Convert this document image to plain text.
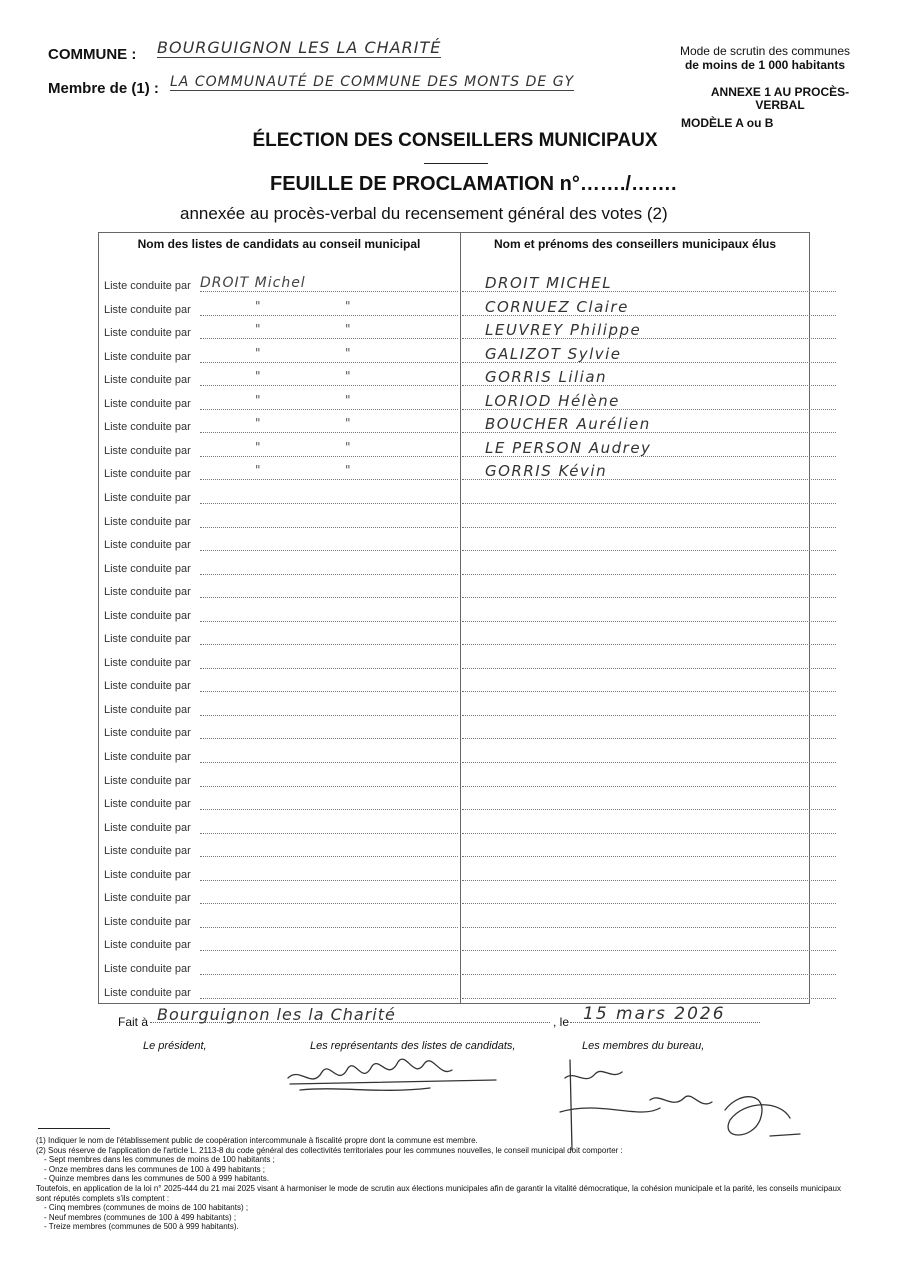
COMMUNE : BOURGUIGNON LES LA CHARITÉ
Membre de (1) : LA COMMUNAUTÉ DE COMMUNE DES MONTS DE GY
Mode de scrutin des communes
de moins de 1 000 habitants
ANNEXE 1 AU PROCÈS-VERBAL
MODÈLE A ou B
ÉLECTION DES CONSEILLERS MUNICIPAUX
FEUILLE DE PROCLAMATION n°……./…….
annexée au procès-verbal du recensement général des votes (2)
Nom des listes de candidats au conseil municipal	Nom et prénoms des conseillers municipaux élus
Liste conduite par DROIT Michel	DROIT MICHEL
Liste conduite par	"	"	CORNUEZ Claire
Liste conduite par	"	"	LEUVREY Philippe
Liste conduite par	"	"	GALIZOT Sylvie
Liste conduite par	"	"	GORRIS Lilian
Liste conduite par	"	"	LORIOD Hélène
Liste conduite par	"	"	BOUCHER Aurélien
Liste conduite par	"	"	LE PERSON Audrey
Liste conduite par	"	"	GORRIS Kévin
Liste conduite par
Liste conduite par
Liste conduite par
Liste conduite par
Liste conduite par
Liste conduite par
Liste conduite par
Liste conduite par
Liste conduite par
Liste conduite par
Liste conduite par
Liste conduite par
Liste conduite par
Liste conduite par
Liste conduite par
Liste conduite par
Liste conduite par
Liste conduite par
Liste conduite par
Liste conduite par
Liste conduite par
Liste conduite par
Fait à Bourguignon les la Charité	, le 15 mars 2026
Le président,	Les représentants des listes de candidats,	Les membres du bureau,
(1) Indiquer le nom de l'établissement public de coopération intercommunale à fiscalité propre dont la commune est membre.
(2) Sous réserve de l'application de l'article L. 2113-8 du code général des collectivités territoriales pour les communes nouvelles, le conseil municipal doit comporter :
- Sept membres dans les communes de moins de 100 habitants ;
- Onze membres dans les communes de 100 à 499 habitants ;
- Quinze membres dans les communes de 500 à 999 habitants.
Toutefois, en application de la loi n° 2025-444 du 21 mai 2025 visant à harmoniser le mode de scrutin aux élections municipales afin de garantir la vitalité démocratique, la cohésion municipale et la parité, les conseils municipaux sont réputés complets s'ils comptent :
- Cinq membres (communes de moins de 100 habitants) ;
- Neuf membres (communes de 100 à 499 habitants) ;
- Treize membres (communes de 500 à 999 habitants).
